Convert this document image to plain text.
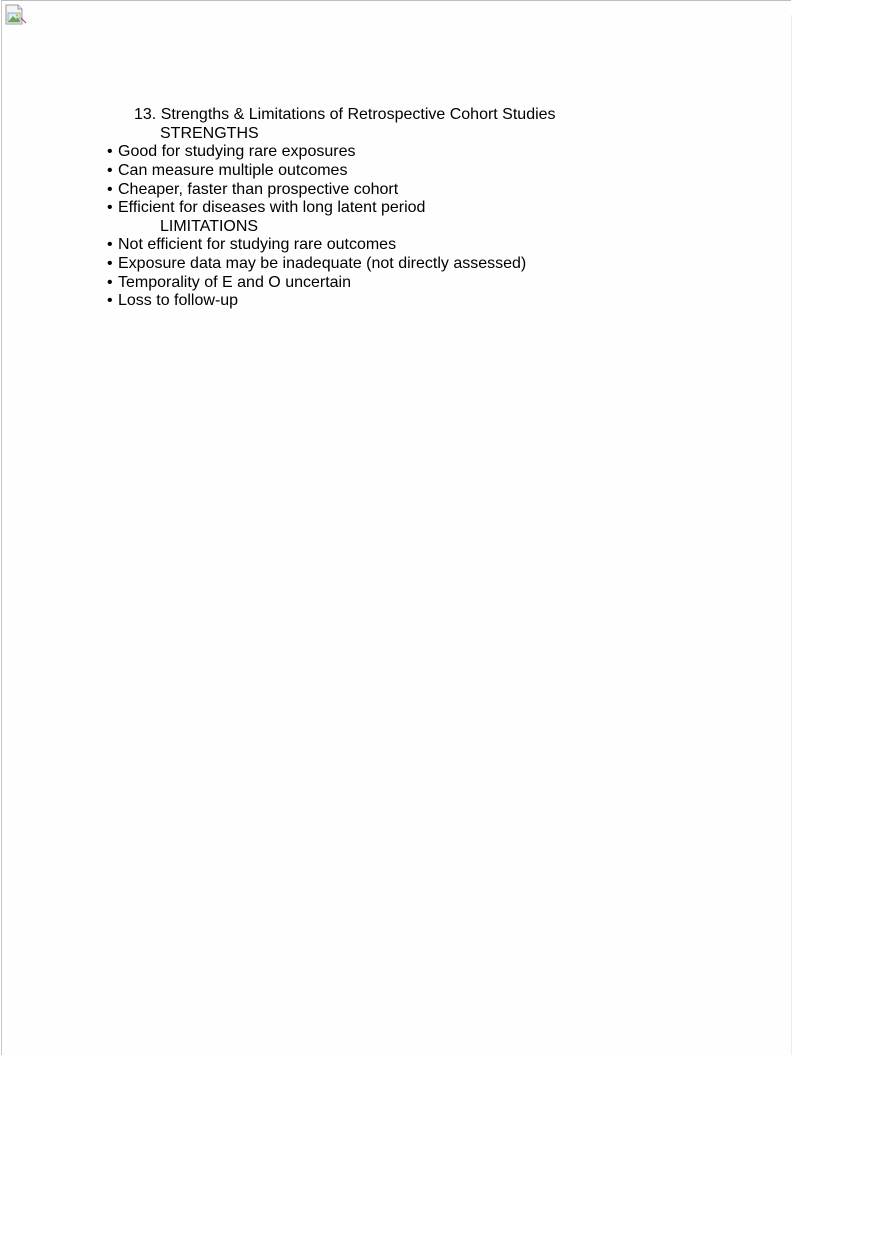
13. Strengths & Limitations of Retrospective Cohort Studies
STRENGTHS
• Good for studying rare exposures
• Can measure multiple outcomes
• Cheaper, faster than prospective cohort
• Efficient for diseases with long latent period
LIMITATIONS
• Not efficient for studying rare outcomes
• Exposure data may be inadequate (not directly assessed)
• Temporality of E and O uncertain
• Loss to follow-up
